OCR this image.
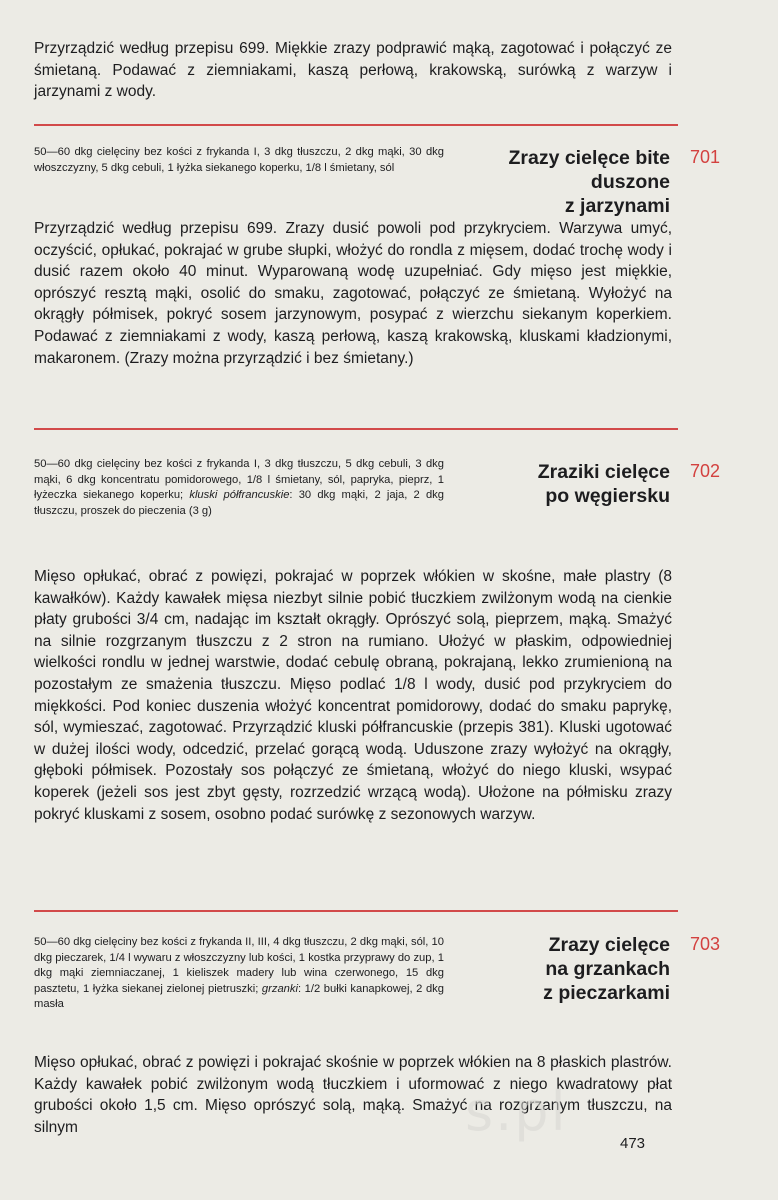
Przyrządzić według przepisu 699. Miękkie zrazy podprawić mąką, zagotować i połączyć ze śmietaną. Podawać z ziemniakami, kaszą perłową, krakowską, surówką z warzyw i jarzynami z wody.

50—60 dkg cielęciny bez kości z frykanda I, 3 dkg tłuszczu, 2 dkg mąki, 30 dkg włoszczyzny, 5 dkg cebuli, 1 łyżka siekanego koperku, 1/8 l śmietany, sól	Zrazy cielęce bite
duszone
z jarzynami

701

Przyrządzić według przepisu 699. Zrazy dusić powoli pod przykryciem. Warzywa umyć, oczyścić, opłukać, pokrajać w grube słupki, włożyć do rondla z mięsem, dodać trochę wody i dusić razem około 40 minut. Wyparowaną wodę uzupełniać. Gdy mięso jest miękkie, oprószyć resztą mąki, osolić do smaku, zagotować, połączyć ze śmietaną. Wyłożyć na okrągły półmisek, pokryć sosem jarzynowym, posypać z wierzchu siekanym koperkiem. Podawać z ziemniakami z wody, kaszą perłową, kaszą krakowską, kluskami kładzionymi, makaronem. (Zrazy można przyrządzić i bez śmietany.)

50—60 dkg cielęciny bez kości z frykanda I, 3 dkg tłuszczu, 5 dkg cebuli, 3 dkg mąki, 6 dkg koncentratu pomidorowego, 1/8 l śmietany, sól, papryka, pieprz, 1 łyżeczka siekanego koperku; kluski półfrancuskie: 30 dkg mąki, 2 jaja, 2 dkg tłuszczu, proszek do pieczenia (3 g)

Zraziki cielęce
po węgiersku

702

Mięso opłukać, obrać z powięzi, pokrajać w poprzek włókien w skośne, małe plastry (8 kawałków). Każdy kawałek mięsa niezbyt silnie pobić tłuczkiem zwilżonym wodą na cienkie płaty grubości 3/4 cm, nadając im kształt okrągły. Oprószyć solą, pieprzem, mąką. Smażyć na silnie rozgrzanym tłuszczu z 2 stron na rumiano. Ułożyć w płaskim, odpowiedniej wielkości rondlu w jednej warstwie, dodać cebulę obraną, pokrajaną, lekko zrumienioną na pozostałym ze smażenia tłuszczu. Mięso podlać 1/8 l wody, dusić pod przykryciem do miękkości. Pod koniec duszenia włożyć koncentrat pomidorowy, dodać do smaku paprykę, sól, wymieszać, zagotować. Przyrządzić kluski półfrancuskie (przepis 381). Kluski ugotować w dużej ilości wody, odcedzić, przelać gorącą wodą. Uduszone zrazy wyłożyć na okrągły, głęboki półmisek. Pozostały sos połączyć ze śmietaną, włożyć do niego kluski, wsypać koperek (jeżeli sos jest zbyt gęsty, rozrzedzić wrzącą wodą). Ułożone na półmisku zrazy pokryć kluskami z sosem, osobno podać surówkę z sezonowych warzyw.

50—60 dkg cielęciny bez kości z frykanda II, III, 4 dkg tłuszczu, 2 dkg mąki, sól, 10 dkg pieczarek, 1/4 l wywaru z włoszczyzny lub kości, 1 kostka przyprawy do zup, 1 dkg mąki ziemniaczanej, 1 kieliszek madery lub wina czerwonego, 15 dkg pasztetu, 1 łyżka siekanej zielonej pietruszki; grzanki: 1/2 bułki kanapkowej, 2 dkg masła

Zrazy cielęce
na grzankach
z pieczarkami

703

Mięso opłukać, obrać z powięzi i pokrajać skośnie w poprzek włókien na 8 płaskich plastrów. Każdy kawałek pobić zwilżonym wodą tłuczkiem i uformować z niego kwadratowy płat grubości około 1,5 cm. Mięso oprószyć solą, mąką. Smażyć na rozgrzanym tłuszczu, na silnym	s.pl

473
